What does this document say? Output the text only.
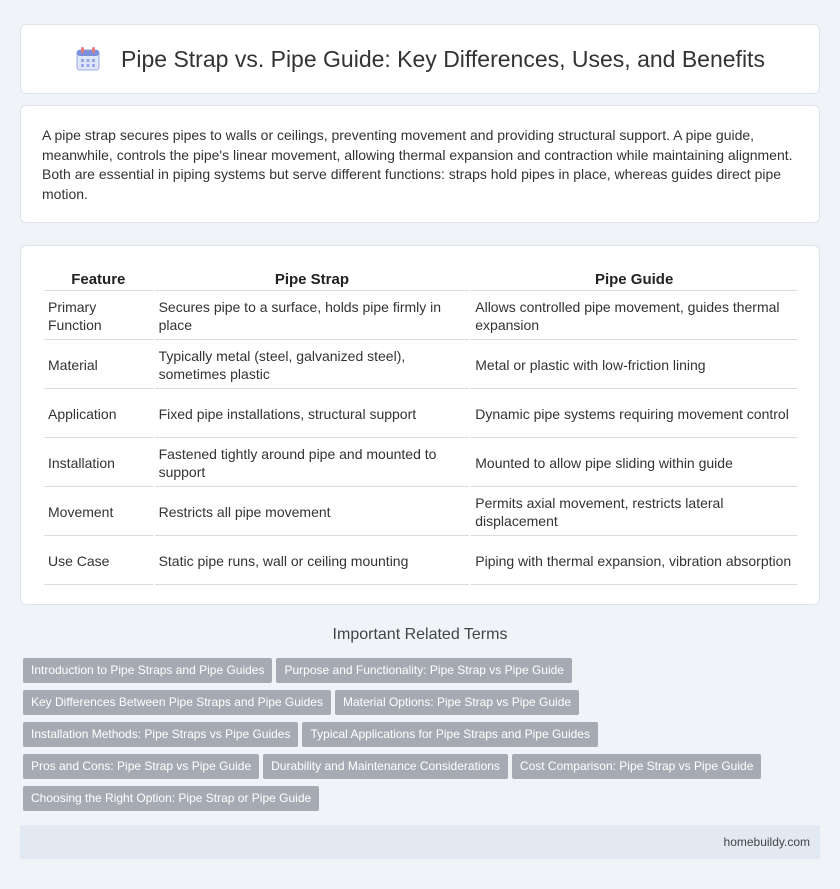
Pipe Strap vs. Pipe Guide: Key Differences, Uses, and Benefits

A pipe strap secures pipes to walls or ceilings, preventing movement and providing structural support. A pipe guide, meanwhile, controls the pipe's linear movement, allowing thermal expansion and contraction while maintaining alignment. Both are essential in piping systems but serve different functions: straps hold pipes in place, whereas guides direct pipe motion.

Feature	Pipe Strap	Pipe Guide
Primary Function	Secures pipe to a surface, holds pipe firmly in place	Allows controlled pipe movement, guides thermal expansion
Material	Typically metal (steel, galvanized steel), sometimes plastic	Metal or plastic with low-friction lining
Application	Fixed pipe installations, structural support	Dynamic pipe systems requiring movement control
Installation	Fastened tightly around pipe and mounted to support	Mounted to allow pipe sliding within guide
Movement	Restricts all pipe movement	Permits axial movement, restricts lateral displacement
Use Case	Static pipe runs, wall or ceiling mounting	Piping with thermal expansion, vibration absorption
Important Related Terms
Introduction to Pipe Straps and Pipe Guides Purpose and Functionality: Pipe Strap vs Pipe Guide
Key Differences Between Pipe Straps and Pipe Guides Material Options: Pipe Strap vs Pipe Guide
Installation Methods: Pipe Straps vs Pipe Guides Typical Applications for Pipe Straps and Pipe Guides
Pros and Cons: Pipe Strap vs Pipe Guide Durability and Maintenance Considerations Cost Comparison: Pipe Strap vs Pipe Guide
Choosing the Right Option: Pipe Strap or Pipe Guide
homebuildy.com
